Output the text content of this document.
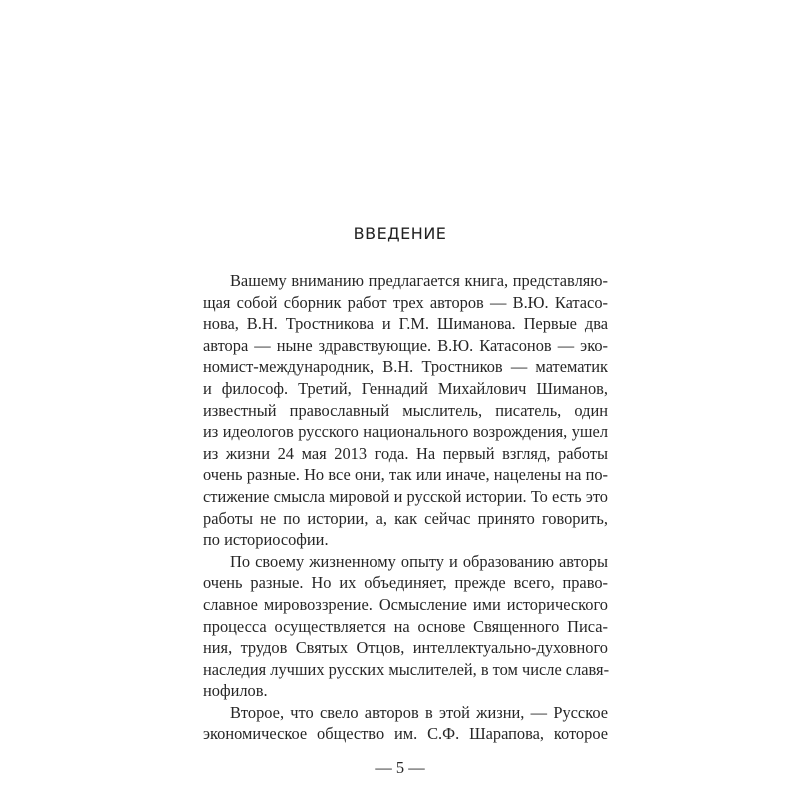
ВВЕДЕНИЕ
Вашему вниманию предлагается книга, представляю-
щая собой сборник работ трех авторов — В.Ю. Катасо-
нова, В.Н. Тростникова и Г.М. Шиманова. Первые два
автора — ныне здравствующие. В.Ю. Катасонов — эко-
номист-международник, В.Н. Тростников — математик
и философ. Третий, Геннадий Михайлович Шиманов,
известный православный мыслитель, писатель, один
из идеологов русского национального возрождения, ушел
из жизни 24 мая 2013 года. На первый взгляд, работы
очень разные. Но все они, так или иначе, нацелены на по-
стижение смысла мировой и русской истории. То есть это
работы не по истории, а, как сейчас принято говорить,
по историософии.
По своему жизненному опыту и образованию авторы
очень разные. Но их объединяет, прежде всего, право-
славное мировоззрение. Осмысление ими исторического
процесса осуществляется на основе Священного Писа-
ния, трудов Святых Отцов, интеллектуально-духовного
наследия лучших русских мыслителей, в том числе славя-
нофилов.
Второе, что свело авторов в этой жизни, — Русское
экономическое общество им. С.Ф. Шарапова, которое
— 5 —
